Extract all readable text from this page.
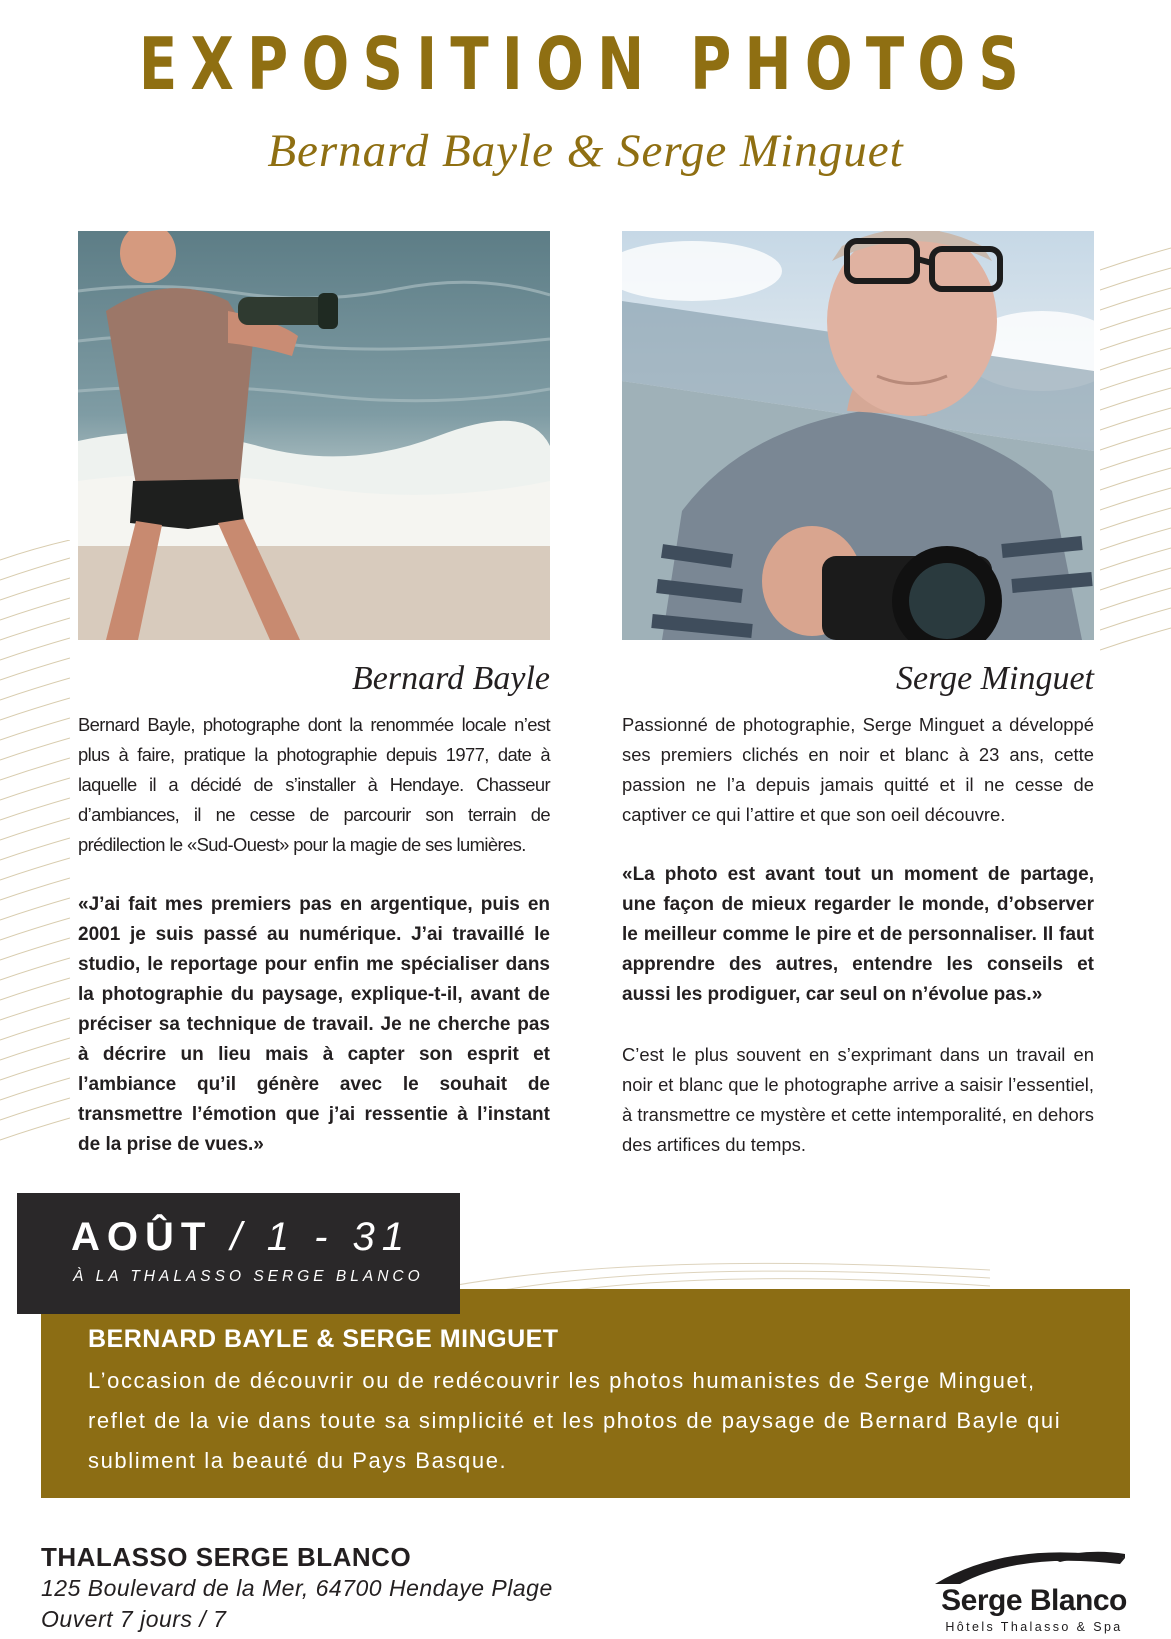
EXPOSITION PHOTOS
Bernard Bayle & Serge Minguet
Bernard Bayle	Serge Minguet

Bernard Bayle, photographe dont la renommée locale n’est plus à faire, pratique la photographie depuis 1977, date à laquelle il a décidé de s’installer à Hendaye. Chasseur d’ambiances, il ne cesse de parcourir son terrain de prédilection le «Sud-Ouest» pour la magie de ses lumières.

«J’ai fait mes premiers pas en argentique, puis en 2001 je suis passé au numérique. J’ai travaillé le studio, le reportage pour enfin me spécialiser dans la photographie du paysage, explique-t-il, avant de préciser sa technique de travail. Je ne cherche pas à décrire un lieu mais à capter son esprit et l’ambiance qu’il génère avec le souhait de transmettre l’émotion que j’ai ressentie à l’instant de la prise de vues.»

Passionné de photographie, Serge Minguet a développé ses premiers clichés en noir et blanc à 23 ans, cette passion ne l’a depuis jamais quitté et il ne cesse de captiver ce qui l’attire et que son oeil découvre.

«La photo est avant tout un moment de partage, une façon de mieux regarder le monde, d’observer le meilleur comme le pire et de personnaliser. Il faut apprendre des autres, entendre les conseils et aussi les prodiguer, car seul on n’évolue pas.»

C’est le plus souvent en s’exprimant dans un travail en noir et blanc que le photographe arrive a saisir l’essentiel, à transmettre ce mystère et cette intemporalité, en dehors des artifices du temps.

BERNARD BAYLE & SERGE MINGUET
L’occasion de découvrir ou de redécouvrir les photos humanistes de Serge Minguet, reflet de la vie dans toute sa simplicité et les photos de paysage de Bernard Bayle qui subliment la beauté du Pays Basque.
AOÛT / 1 - 31
À LA THALASSO SERGE BLANCO
THALASSO SERGE BLANCO
125 Boulevard de la Mer, 64700 Hendaye Plage
Ouvert 7 jours / 7
Serge Blanco
Hôtels Thalasso & Spa
